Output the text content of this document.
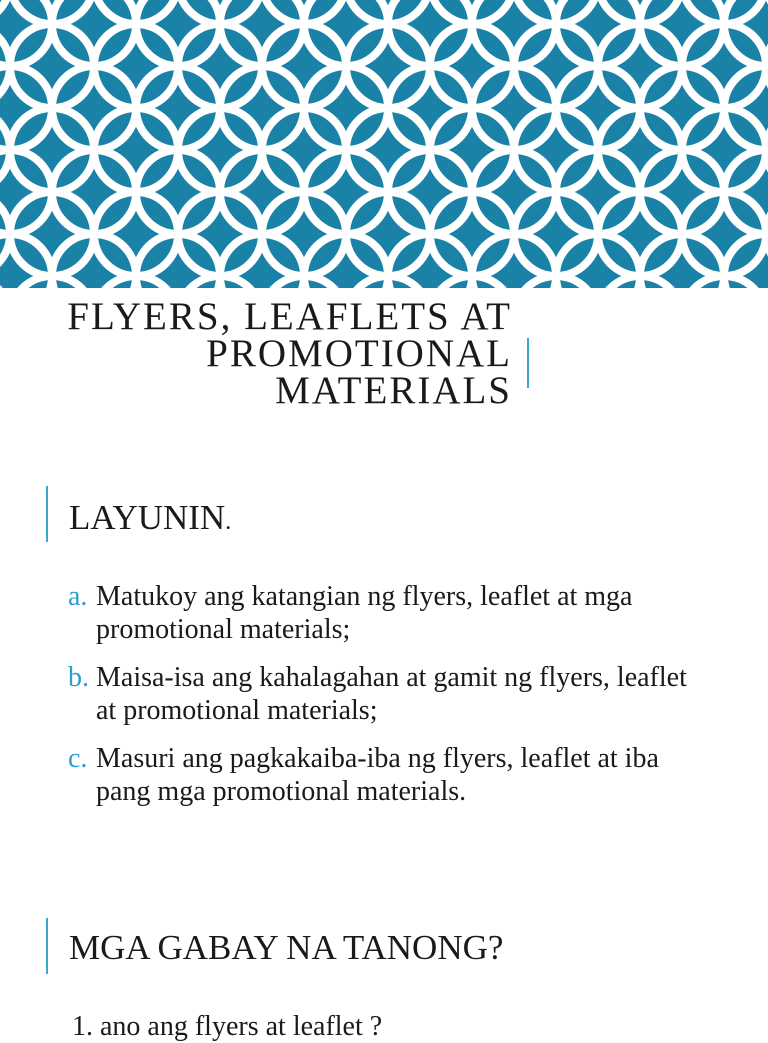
FLYERS, LEAFLETS AT
PROMOTIONAL
MATERIALS
LAYUNIN.
a. Matukoy ang katangian ng flyers, leaflet at mga promotional materials;
b. Maisa-isa ang kahalagahan at gamit ng flyers, leaflet at promotional materials;
c. Masuri ang pagkakaiba-iba ng flyers, leaflet at iba pang mga promotional materials.
MGA GABAY NA TANONG?
1. ano ang flyers at leaflet ?
